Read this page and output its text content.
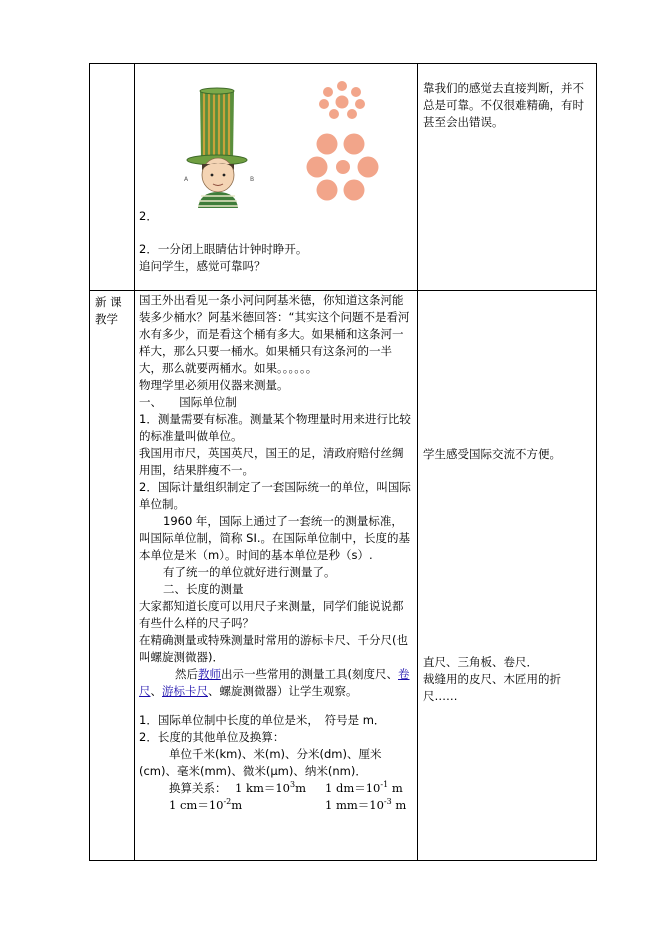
A	B

2．

2．一分闭上眼睛估计钟时睁开。

追问学生，感觉可靠吗？

靠我们的感觉去直接判断，并不总是可靠。不仅很难精确，有时甚至会出错误。
新 课 教学

国王外出看见一条小河问阿基米德，你知道这条河能装多少桶水？阿基米德回答：“其实这个问题不是看河水有多少，而是看这个桶有多大。如果桶和这条河一样大，那么只要一桶水。如果桶只有这条河的一半大，那么就要两桶水。如果。。。。。。

物理学里必须用仪器来测量。

一、　　国际单位制

1．测量需要有标准。测量某个物理量时用来进行比较的标准量叫做单位。

我国用市尺，英国英尺，国王的足，清政府赔付丝绸用围，结果胖瘦不一。

2．国际计量组织制定了一套国际统一的单位，叫国际单位制。

1960 年，国际上通过了一套统一的测量标准，叫国际单位制，简称 SI.。在国际单位制中，长度的基本单位是米（m）。时间的基本单位是秒（s）.

有了统一的单位就好进行测量了。

二、长度的测量

大家都知道长度可以用尺子来测量，同学们能说说都有些什么样的尺子吗？

在精确测量或特殊测量时常用的游标卡尺、千分尺(也叫螺旋测微器)．

然后教师出示一些常用的测量工具(刻度尺、卷尺、游标卡尺、螺旋测微器）让学生观察。

1．国际单位制中长度的单位是米，　符号是 m．

2．长度的其他单位及换算：

单位千米(km)、米(m)、分米(dm)、厘米(cm)、毫米(mm)、微米(μm)、纳米(nm)．

换算关系： 1 $km=10^3m$ 1 $dm=10^{-1}$ m
1 $cm=10^{-2}m$	1 $mm=10^{-3}$ m
学生感受国际交流不方便。

直尺、三角板、卷尺．

裁缝用的皮尺、木匠用的折尺……
